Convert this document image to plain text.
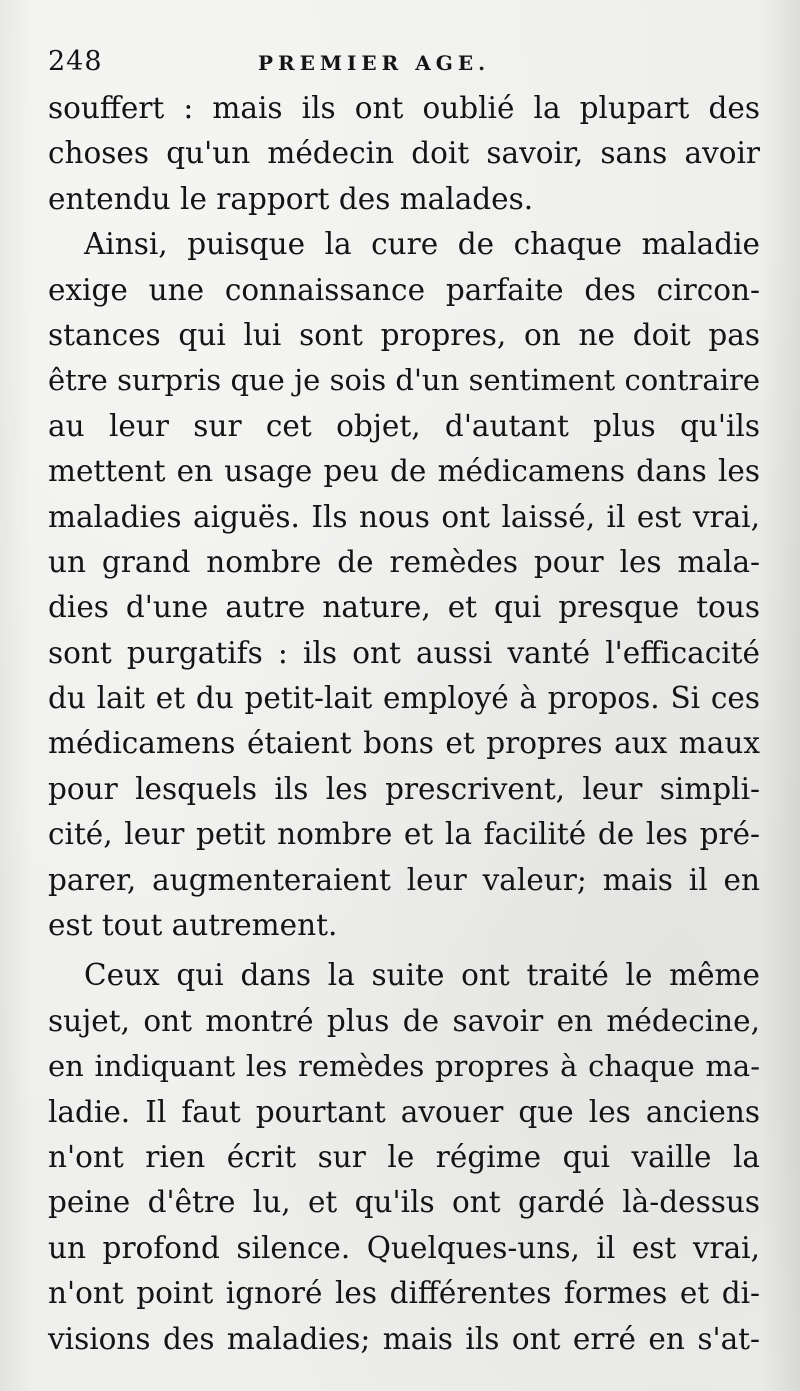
248	PREMIER AGE.
souffert : mais ils ont oublié la plupart des
choses qu'un médecin doit savoir, sans avoir
entendu le rapport des malades.
Ainsi, puisque la cure de chaque maladie
exige une connaissance parfaite des circon-
stances qui lui sont propres, on ne doit pas
être surpris que je sois d'un sentiment contraire
au leur sur cet objet, d'autant plus qu'ils
mettent en usage peu de médicamens dans les
maladies aiguës. Ils nous ont laissé, il est vrai,
un grand nombre de remèdes pour les mala-
dies d'une autre nature, et qui presque tous
sont purgatifs : ils ont aussi vanté l'efficacité
du lait et du petit-lait employé à propos. Si ces
médicamens étaient bons et propres aux maux
pour lesquels ils les prescrivent, leur simpli-
cité, leur petit nombre et la facilité de les pré-
parer, augmenteraient leur valeur; mais il en
est tout autrement.
Ceux qui dans la suite ont traité le même
sujet, ont montré plus de savoir en médecine,
en indiquant les remèdes propres à chaque ma-
ladie. Il faut pourtant avouer que les anciens
n'ont rien écrit sur le régime qui vaille la
peine d'être lu, et qu'ils ont gardé là-dessus
un profond silence. Quelques-uns, il est vrai,
n'ont point ignoré les différentes formes et di-
visions des maladies; mais ils ont erré en s'at-
